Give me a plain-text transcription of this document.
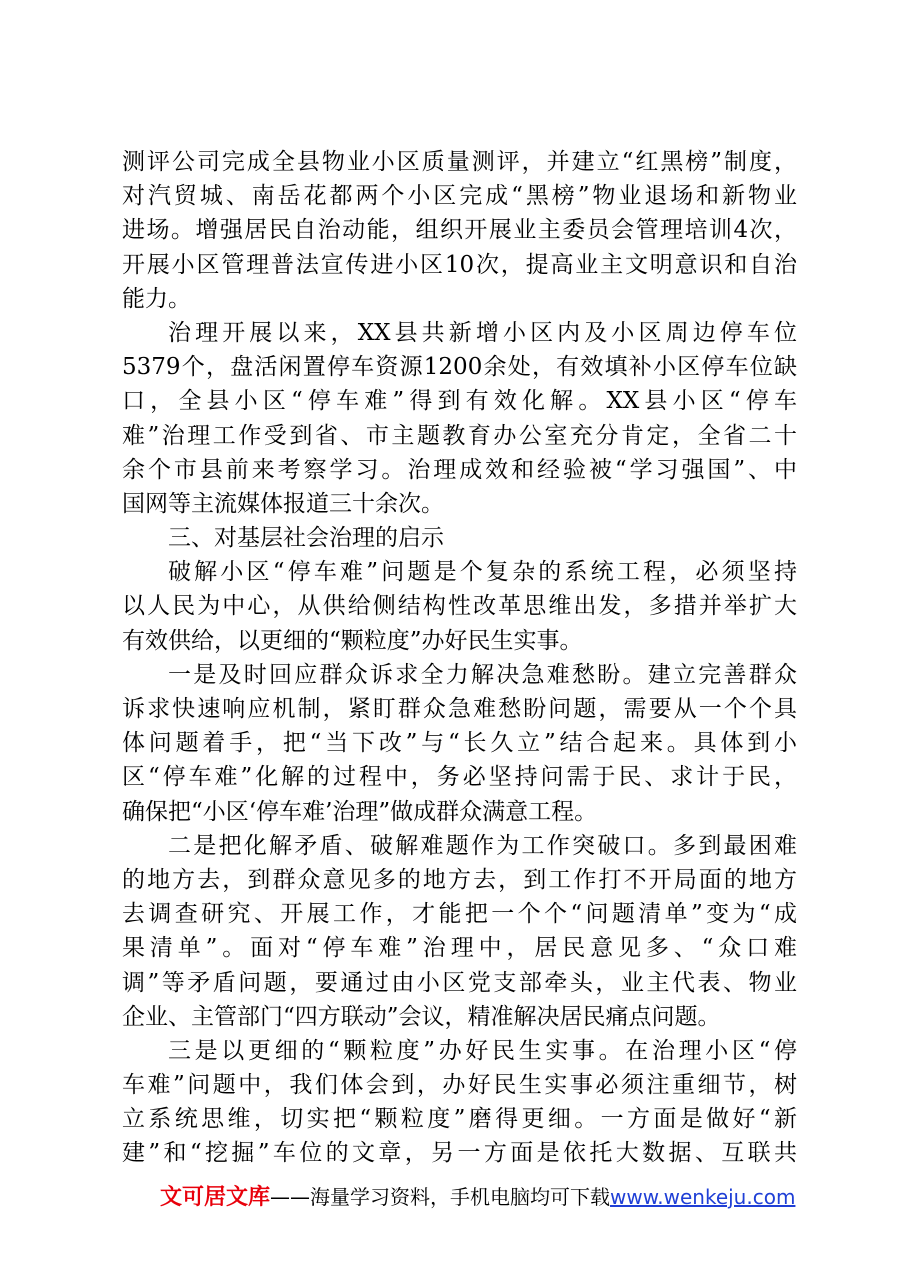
测评公司完成全县物业小区质量测评，并建立“红黑榜”制度，
对汽贸城、南岳花都两个小区完成“黑榜”物业退场和新物业
进场。增强居民自治动能，组织开展业主委员会管理培训4次，
开展小区管理普法宣传进小区10次，提高业主文明意识和自治
能力。
治理开展以来，XX县共新增小区内及小区周边停车位
5379个，盘活闲置停车资源1200余处，有效填补小区停车位缺
口，全县小区“停车难”得到有效化解。XX县小区“停车
难”治理工作受到省、市主题教育办公室充分肯定，全省二十
余个市县前来考察学习。治理成效和经验被“学习强国”、中
国网等主流媒体报道三十余次。
三、对基层社会治理的启示
破解小区“停车难”问题是个复杂的系统工程，必须坚持
以人民为中心，从供给侧结构性改革思维出发，多措并举扩大
有效供给，以更细的“颗粒度”办好民生实事。
一是及时回应群众诉求全力解决急难愁盼。建立完善群众
诉求快速响应机制，紧盯群众急难愁盼问题，需要从一个个具
体问题着手，把“当下改”与“长久立”结合起来。具体到小
区“停车难”化解的过程中，务必坚持问需于民、求计于民，
确保把“小区‘停车难’治理”做成群众满意工程。
二是把化解矛盾、破解难题作为工作突破口。多到最困难
的地方去，到群众意见多的地方去，到工作打不开局面的地方
去调查研究、开展工作，才能把一个个“问题清单”变为“成
果清单”。面对“停车难”治理中，居民意见多、“众口难
调”等矛盾问题，要通过由小区党支部牵头，业主代表、物业
企业、主管部门“四方联动”会议，精准解决居民痛点问题。
三是以更细的“颗粒度”办好民生实事。在治理小区“停
车难”问题中，我们体会到，办好民生实事必须注重细节，树
立系统思维，切实把“颗粒度”磨得更细。一方面是做好“新
建”和“挖掘”车位的文章，另一方面是依托大数据、互联共
文可居文库——海量学习资料，手机电脑均可下载www.wenkeju.com
